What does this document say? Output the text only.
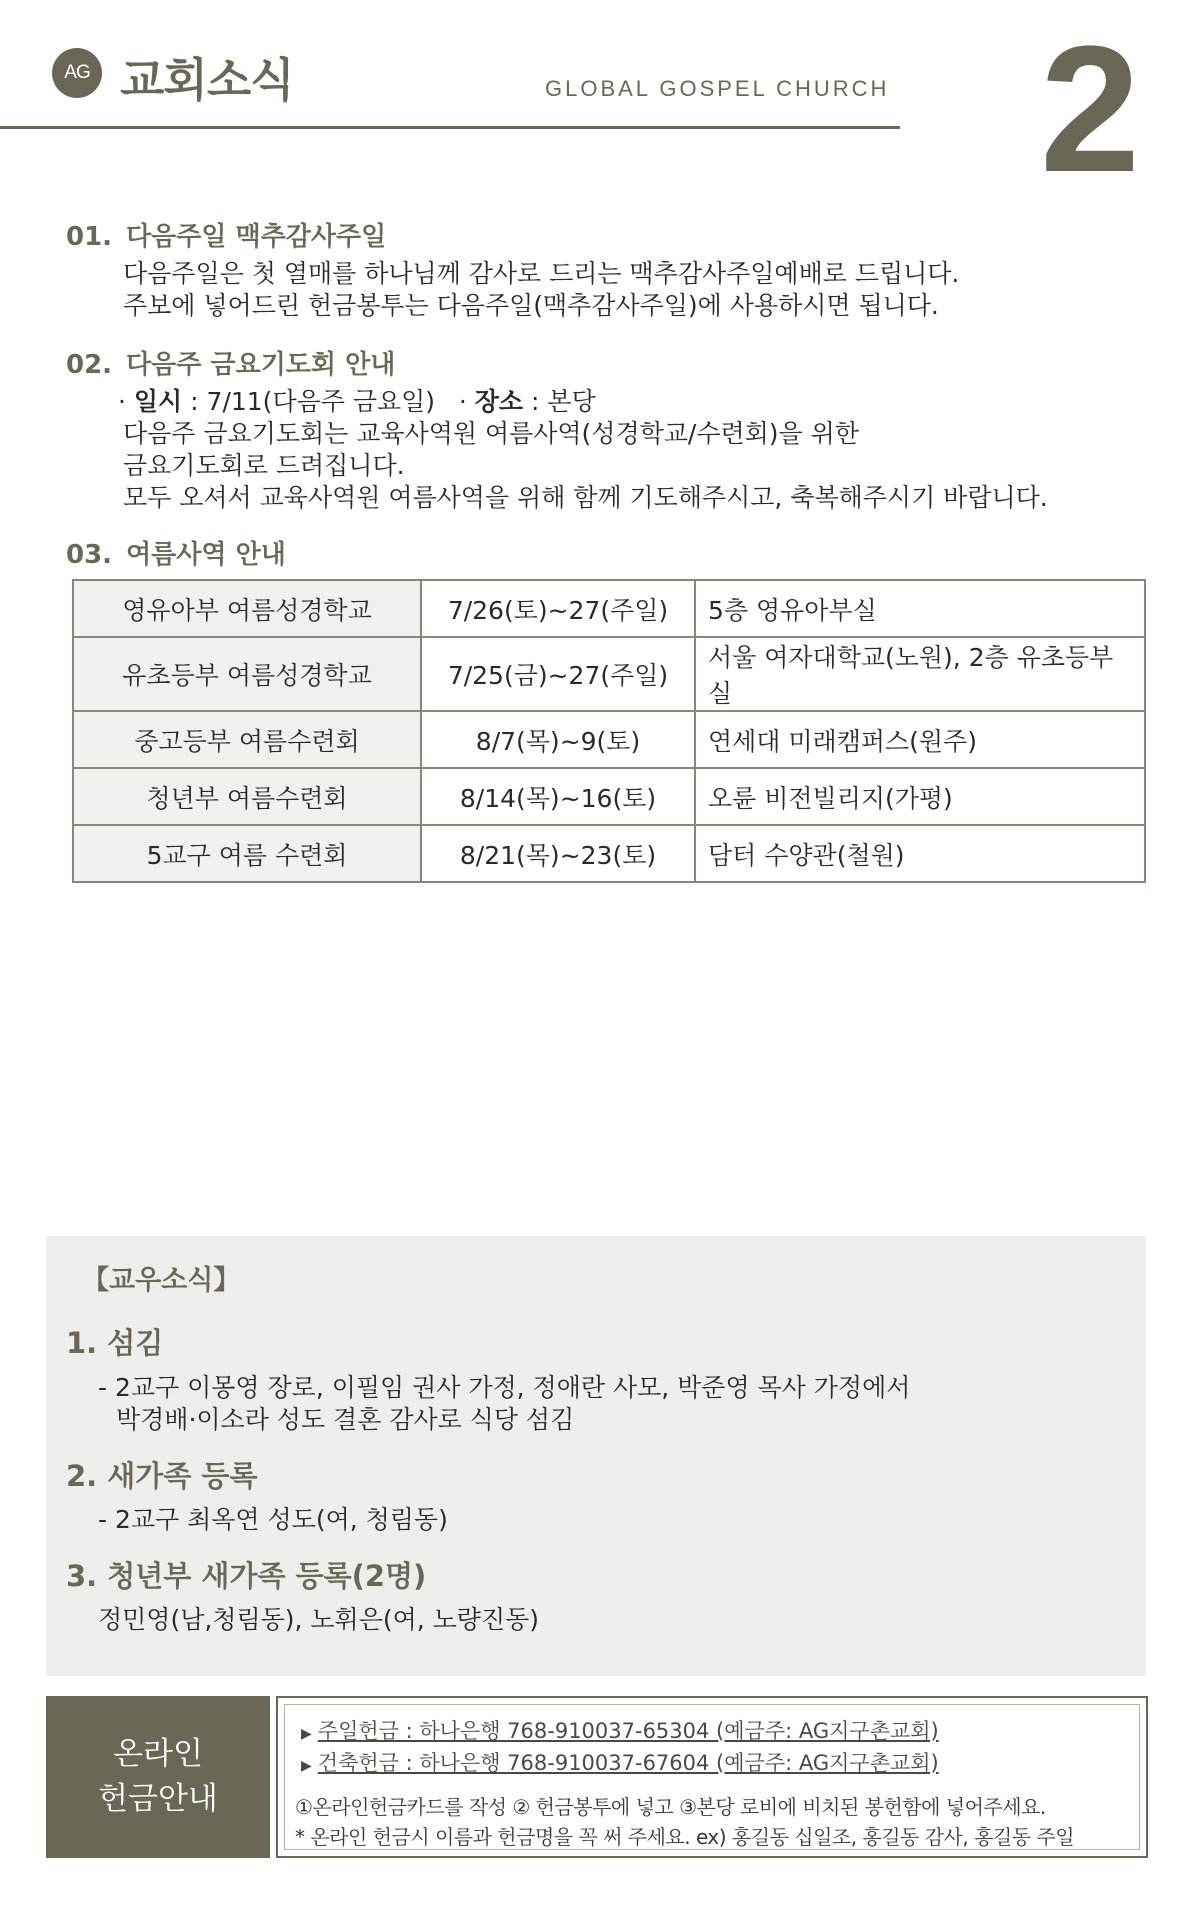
AG 교회소식	GLOBAL GOSPEL CHURCH 2
01. 다음주일 맥추감사주일
다음주일은 첫 열매를 하나님께 감사로 드리는 맥추감사주일예배로 드립니다.
주보에 넣어드린 헌금봉투는 다음주일(맥추감사주일)에 사용하시면 됩니다.
02. 다음주 금요기도회 안내
· 일시 : 7/11(다음주 금요일)   · 장소 : 본당
다음주 금요기도회는 교육사역원 여름사역(성경학교/수련회)을 위한
금요기도회로 드려집니다.
모두 오셔서 교육사역원 여름사역을 위해 함께 기도해주시고, 축복해주시기 바랍니다.
03. 여름사역 안내
영유아부 여름성경학교	7/26(토)~27(주일)	5층 영유아부실
유초등부 여름성경학교	7/25(금)~27(주일)	서울 여자대학교(노원), 2층 유초등부실
중고등부 여름수련회	8/7(목)~9(토)	연세대 미래캠퍼스(원주)
청년부 여름수련회	8/14(목)~16(토)	오륜 비전빌리지(가평)
5교구 여름 수련회	8/21(목)~23(토)	담터 수양관(철원)
【교우소식】
1. 섬김
- 2교구 이몽영 장로, 이필임 권사 가정, 정애란 사모, 박준영 목사 가정에서
박경배·이소라 성도 결혼 감사로 식당 섬김
2. 새가족 등록
- 2교구 최옥연 성도(여, 청림동)
3. 청년부 새가족 등록(2명)
정민영(남,청림동), 노휘은(여, 노량진동)
온라인
헌금안내
▶ 주일헌금 : 하나은행 768-910037-65304 (예금주: AG지구촌교회)
▶ 건축헌금 : 하나은행 768-910037-67604 (예금주: AG지구촌교회)
①온라인헌금카드를 작성 ② 헌금봉투에 넣고 ③본당 로비에 비치된 봉헌함에 넣어주세요.
* 온라인 헌금시 이름과 헌금명을 꼭 써 주세요. ex) 홍길동 십일조, 홍길동 감사, 홍길동 주일
